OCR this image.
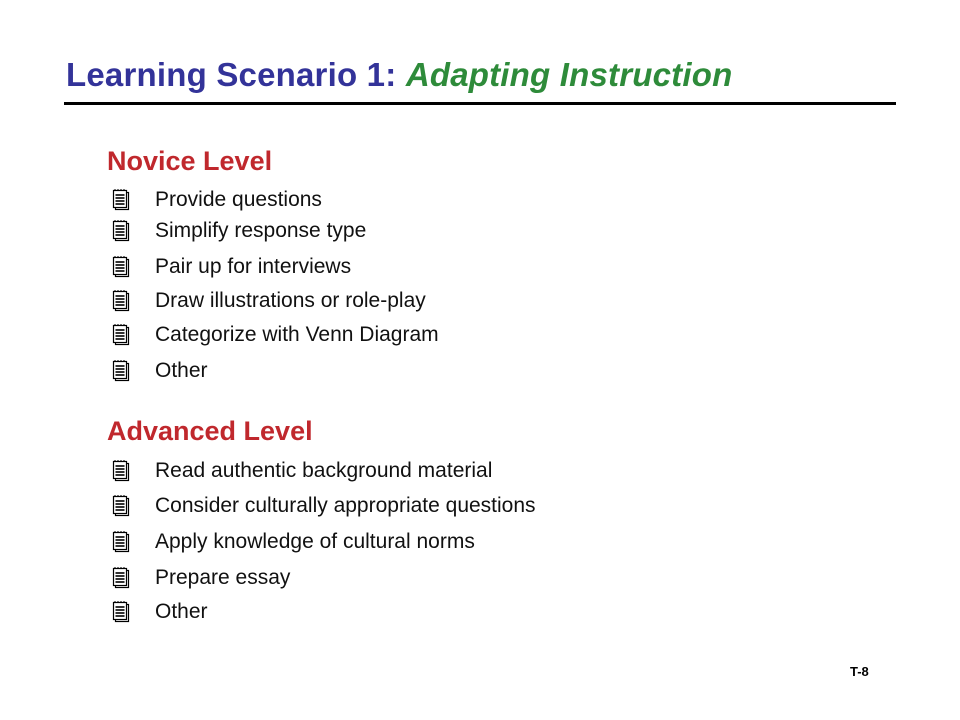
Learning Scenario 1: Adapting Instruction
Novice Level
Provide questions
Simplify response type
Pair up for interviews
Draw illustrations or role-play
Categorize with Venn Diagram
Other
Advanced Level
Read authentic background material
Consider culturally appropriate questions
Apply knowledge of cultural norms
Prepare essay
Other
T-8
